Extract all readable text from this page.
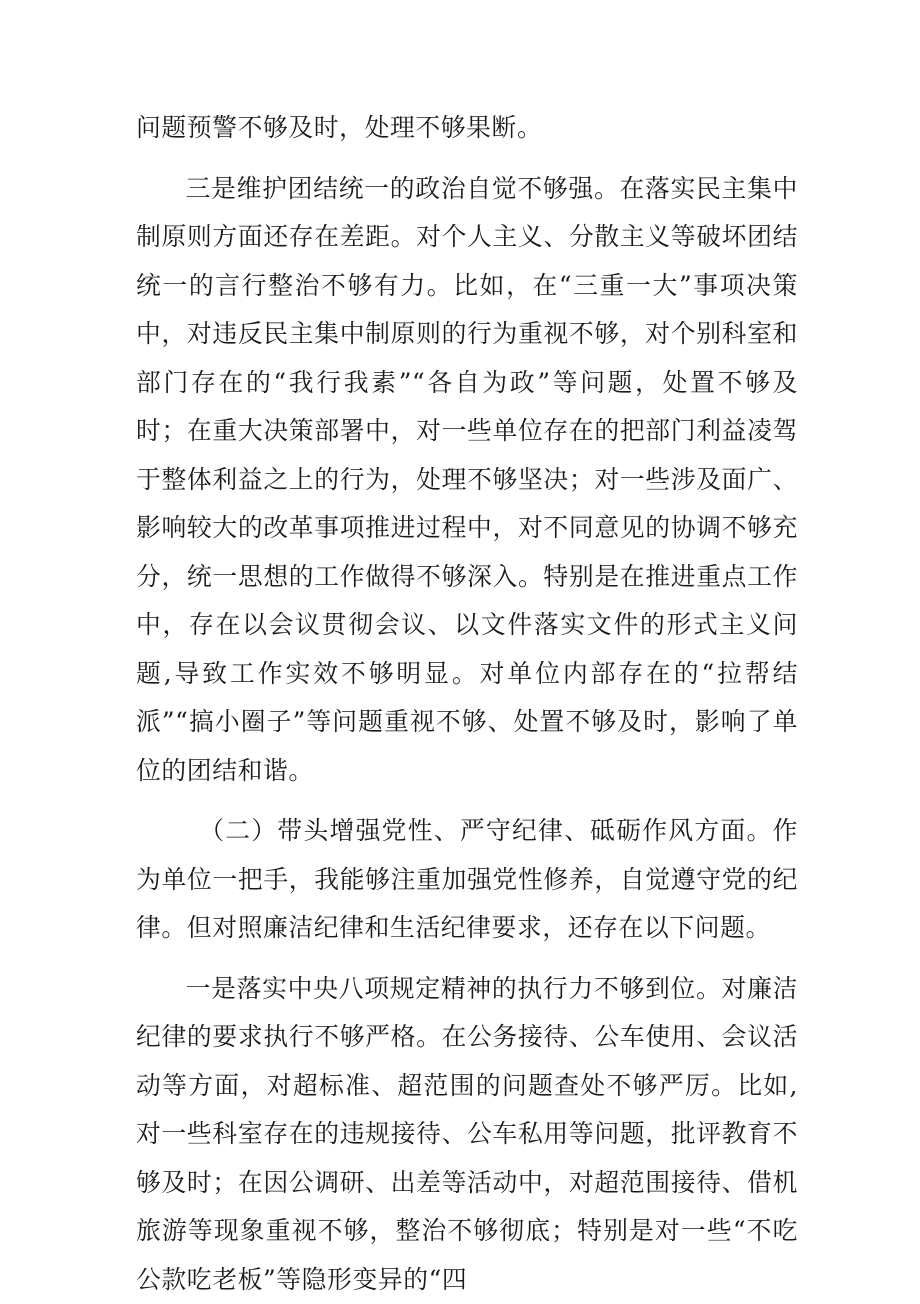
问题预警不够及时，处理不够果断。

三是维护团结统一的政治自觉不够强。在落实民主集中制原则方面还存在差距。对个人主义、分散主义等破坏团结统一的言行整治不够有力。比如，在“三重一大”事项决策中，对违反民主集中制原则的行为重视不够，对个别科室和部门存在的“我行我素”“各自为政”等问题，处置不够及时；在重大决策部署中，对一些单位存在的把部门利益凌驾于整体利益之上的行为，处理不够坚决；对一些涉及面广、影响较大的改革事项推进过程中，对不同意见的协调不够充分，统一思想的工作做得不够深入。特别是在推进重点工作中，存在以会议贯彻会议、以文件落实文件的形式主义问题,导致工作实效不够明显。对单位内部存在的“拉帮结派”“搞小圈子”等问题重视不够、处置不够及时，影响了单位的团结和谐。

（二）带头增强党性、严守纪律、砥砺作风方面。作为单位一把手，我能够注重加强党性修养，自觉遵守党的纪律。但对照廉洁纪律和生活纪律要求，还存在以下问题。

一是落实中央八项规定精神的执行力不够到位。对廉洁纪律的要求执行不够严格。在公务接待、公车使用、会议活动等方面，对超标准、超范围的问题查处不够严厉。比如,对一些科室存在的违规接待、公车私用等问题，批评教育不够及时；在因公调研、出差等活动中，对超范围接待、借机旅游等现象重视不够，整治不够彻底；特别是对一些“不吃公款吃老板”等隐形变异的“四
